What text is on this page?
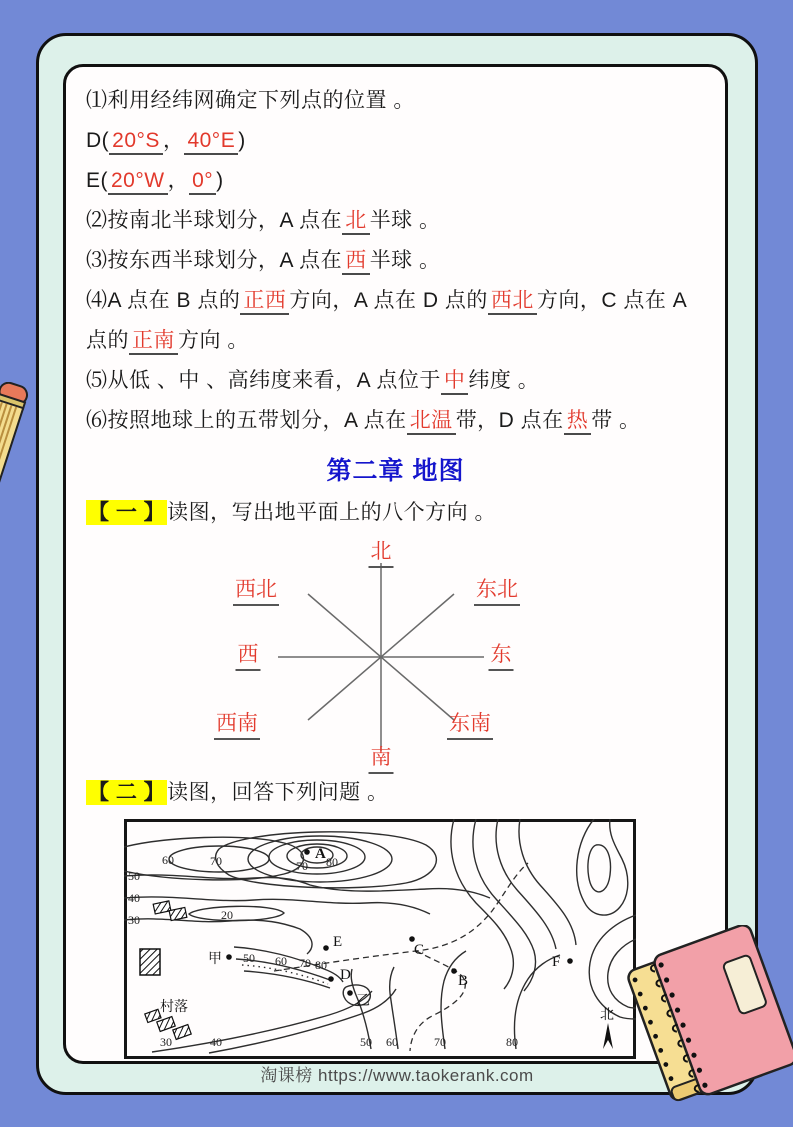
⑴利用经纬网确定下列点的位置 。

D( 20°S ， 40°E )

E( 20°W ， 0° )

⑵按南北半球划分，A 点在 北 半球 。

⑶按东西半球划分，A 点在 西 半球 。

⑷A 点在 B 点的 正西 方向，A 点在 D 点的 西北 方向，C 点在 A 点的 正南 方向 。

⑸从低 、中 、高纬度来看，A 点位于 中 纬度 。

⑹按照地球上的五带划分，A 点在 北温 带，D 点在 热 带 。

第二章 地图

【 一 】读图，写出地平面上的八个方向 。

北
西北	东北
西	东
西南	东南
南

【 二 】读图，回答下列问题 。

60	70
50
40
30	20
70 80
50 60 70 80
30	40	50 60	70	80
A
E
D
C
B
F
甲
乙
村落	北
淘课榜 https://www.taokerank.com
